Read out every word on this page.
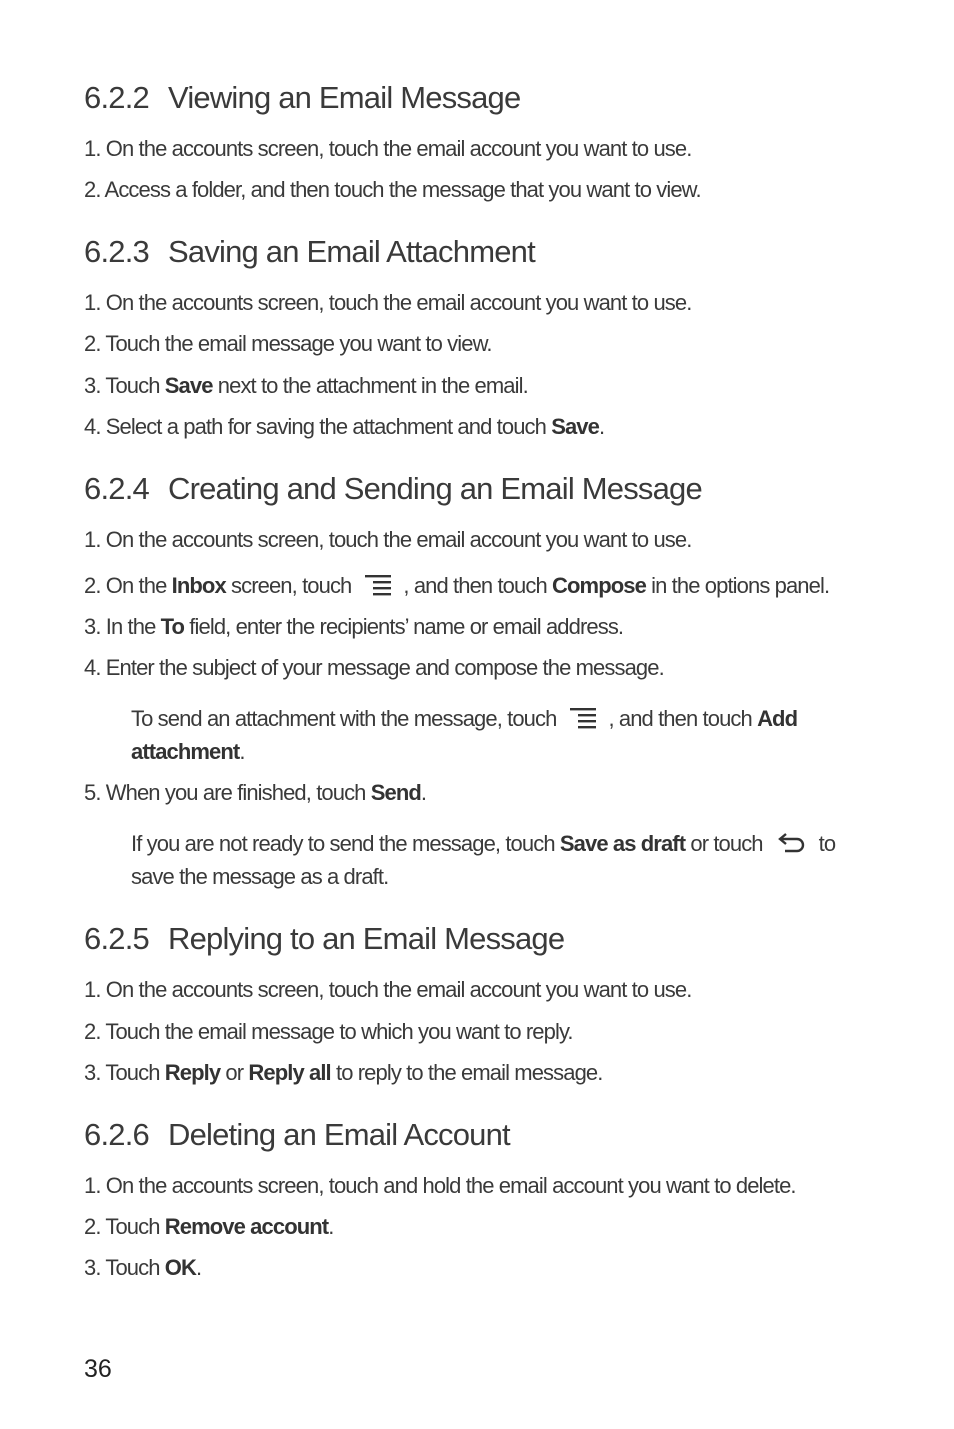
6.2.2 Viewing an Email Message
1. On the accounts screen, touch the email account you want to use.
2. Access a folder, and then touch the message that you want to view.
6.2.3 Saving an Email Attachment
1. On the accounts screen, touch the email account you want to use.
2. Touch the email message you want to view.
3. Touch Save next to the attachment in the email.
4. Select a path for saving the attachment and touch Save.
6.2.4 Creating and Sending an Email Message
1. On the accounts screen, touch the email account you want to use.
2. On the Inbox screen, touch , and then touch Compose in the options panel.
3. In the To field, enter the recipients’ name or email address.
4. Enter the subject of your message and compose the message.
To send an attachment with the message, touch , and then touch Add
attachment.
5. When you are finished, touch Send.
If you are not ready to send the message, touch Save as draft or touch	to
save the message as a draft.
6.2.5 Replying to an Email Message
1. On the accounts screen, touch the email account you want to use.
2. Touch the email message to which you want to reply.
3. Touch Reply or Reply all to reply to the email message.
6.2.6 Deleting an Email Account
1. On the accounts screen, touch and hold the email account you want to delete.
2. Touch Remove account.
3. Touch OK.
36
